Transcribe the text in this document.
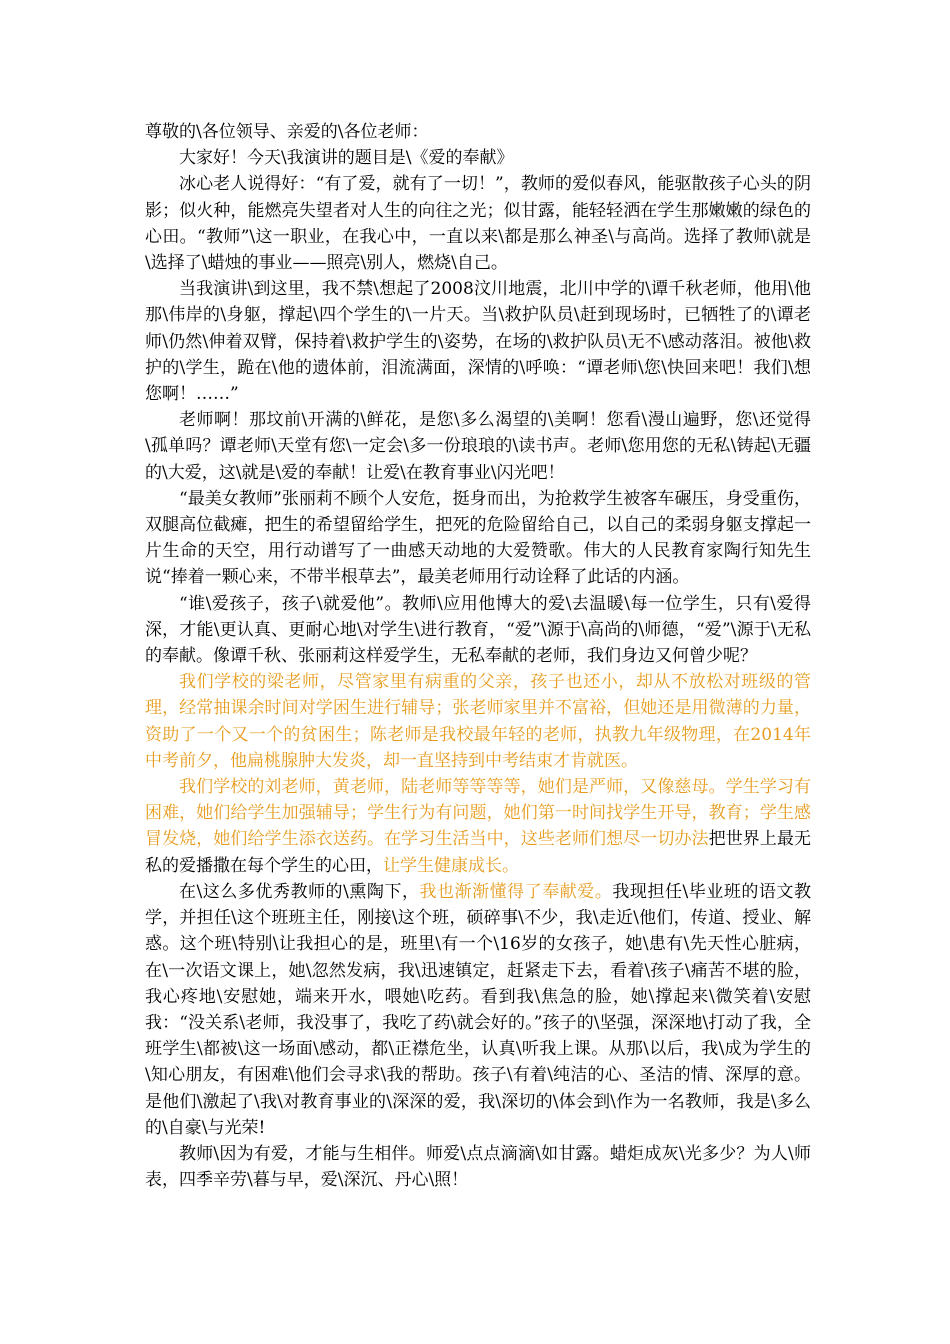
尊敬的\各位领导、亲爱的\各位老师：

大家好！今天\我演讲的题目是\《爱的奉献》

冰心老人说得好：“有了爱，就有了一切！”，教师的爱似春风，能驱散孩子心头的阴影；似火种，能燃亮失望者对人生的向往之光；似甘露，能轻轻洒在学生那嫩嫩的绿色的心田。“教师”\这一职业，在我心中，一直以来\都是那么神圣\与高尚。选择了教师\就是\选择了\蜡烛的事业——照亮\别人，燃烧\自己。

当我演讲\到这里，我不禁\想起了2008汶川地震，北川中学的\谭千秋老师，他用\他那\伟岸的\身躯，撑起\四个学生的\一片天。当\救护队员\赶到现场时，已牺牲了的\谭老师\仍然\伸着双臂，保持着\救护学生的\姿势，在场的\救护队员\无不\感动落泪。被他\救护的\学生，跪在\他的遗体前，泪流满面，深情的\呼唤：“谭老师\您\快回来吧！我们\想您啊！……”

老师啊！那坟前\开满的\鲜花，是您\多么渴望的\美啊！您看\漫山遍野，您\还觉得\孤单吗？谭老师\天堂有您\一定会\多一份琅琅的\读书声。老师\您用您的无私\铸起\无疆的\大爱，这\就是\爱的奉献！让爱\在教育事业\闪光吧！

“最美女教师”张丽莉不顾个人安危，挺身而出，为抢救学生被客车碾压，身受重伤，双腿高位截瘫，把生的希望留给学生，把死的危险留给自己，以自己的柔弱身躯支撑起一片生命的天空，用行动谱写了一曲感天动地的大爱赞歌。伟大的人民教育家陶行知先生说“捧着一颗心来，不带半根草去”，最美老师用行动诠释了此话的内涵。

“谁\爱孩子，孩子\就爱他”。教师\应用他博大的爱\去温暖\每一位学生，只有\爱得深，才能\更认真、更耐心地\对学生\进行教育，“爱”\源于\高尚的\师德，“爱”\源于\无私的奉献。像谭千秋、张丽莉这样爱学生，无私奉献的老师，我们身边又何曾少呢？

我们学校的梁老师，尽管家里有病重的父亲，孩子也还小，却从不放松对班级的管理，经常抽课余时间对学困生进行辅导；张老师家里并不富裕，但她还是用微薄的力量，资助了一个又一个的贫困生；陈老师是我校最年轻的老师，执教九年级物理，在2014年中考前夕，他扁桃腺肿大发炎，却一直坚持到中考结束才肯就医。

我们学校的刘老师，黄老师，陆老师等等等等，她们是严师，又像慈母。学生学习有困难，她们给学生加强辅导；学生行为有问题，她们第一时间找学生开导，教育；学生感冒发烧，她们给学生添衣送药。在学习生活当中，这些老师们想尽一切办法把世界上最无私的爱播撒在每个学生的心田，让学生健康成长。

在\这么多优秀教师的\熏陶下，我也渐渐懂得了奉献爱。我现担任\毕业班的语文教学，并担任\这个班班主任，刚接\这个班，硕碎事\不少，我\走近\他们，传道、授业、解惑。这个班\特别\让我担心的是，班里\有一个\16岁的女孩子，她\患有\先天性心脏病，在\一次语文课上，她\忽然发病，我\迅速镇定，赶紧走下去，看着\孩子\痛苦不堪的脸，我心疼地\安慰她，端来开水，喂她\吃药。看到我\焦急的脸，她\撑起来\微笑着\安慰我：“没关系\老师，我没事了，我吃了药\就会好的。”孩子的\坚强，深深地\打动了我，全班学生\都被\这一场面\感动，都\正襟危坐，认真\听我上课。从那\以后，我\成为学生的\知心朋友，有困难\他们会寻求\我的帮助。孩子\有着\纯洁的心、圣洁的情、深厚的意。是他们\激起了\我\对教育事业的\深深的爱，我\深切的\体会到\作为一名教师，我是\多么的\自豪\与光荣!

教师\因为有爱，才能与生相伴。师爱\点点滴滴\如甘露。蜡炬成灰\光多少？为人\师表，四季辛劳\暮与早，爱\深沉、丹心\照！
